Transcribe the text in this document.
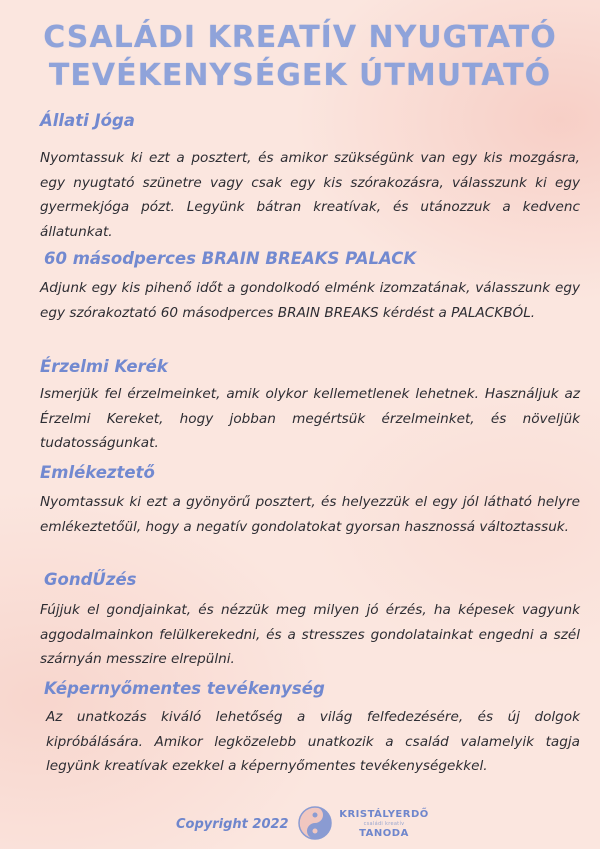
CSALÁDI KREATÍV NYUGTATÓ
TEVÉKENYSÉGEK ÚTMUTATÓ
Állati Jóga
Nyomtassuk ki ezt a posztert, és amikor szükségünk van egy kis mozgásra, egy nyugtató szünetre vagy csak egy kis szórakozásra, válasszunk ki egy gyermekjóga pózt. Legyünk bátran kreatívak, és utánozzuk a kedvenc állatunkat.
60 másodperces BRAIN BREAKS PALACK
Adjunk egy kis pihenő időt a gondolkodó elménk izomzatának, válasszunk egy egy szórakoztató 60 másodperces BRAIN BREAKS kérdést a PALACKBÓL.
Érzelmi Kerék
Ismerjük fel érzelmeinket, amik olykor kellemetlenek lehetnek. Használjuk az Érzelmi Kereket, hogy jobban megértsük érzelmeinket, és növeljük tudatosságunkat.
Emlékeztető
Nyomtassuk ki ezt a gyönyörű posztert, és helyezzük el egy jól látható helyre emlékeztetőül, hogy a negatív gondolatokat gyorsan hasznossá változtassuk.
GondŰzés
Fújjuk el gondjainkat, és nézzük meg milyen jó érzés, ha képesek vagyunk aggodalmainkon felülkerekedni, és a stresszes gondolatainkat engedni a szél szárnyán messzire elrepülni.
Képernyőmentes tevékenység
Az unatkozás kiváló lehetőség a világ felfedezésére, és új dolgok kipróbálására. Amikor legközelebb unatkozik a család valamelyik tagja legyünk kreatívak ezekkel a képernyőmentes tevékenységekkel.
Copyright 2022
KRISTÁLYERDŐ
családi kreatív
TANODA
